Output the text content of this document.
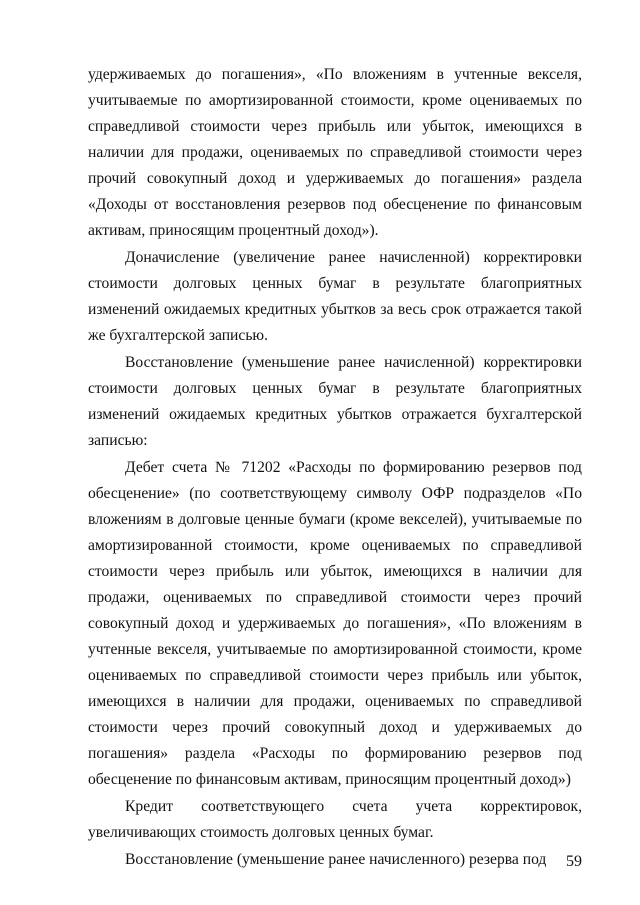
удерживаемых до погашения», «По вложениям в учтенные векселя, учитываемые по амортизированной стоимости, кроме оцениваемых по справедливой стоимости через прибыль или убыток, имеющихся в наличии для продажи, оцениваемых по справедливой стоимости через прочий совокупный доход и удерживаемых до погашения» раздела «Доходы от восстановления резервов под обесценение по финансовым активам, приносящим процентный доход»).

Доначисление (увеличение ранее начисленной) корректировки стоимости долговых ценных бумаг в результате благоприятных изменений ожидаемых кредитных убытков за весь срок отражается такой же бухгалтерской записью.

Восстановление (уменьшение ранее начисленной) корректировки стоимости долговых ценных бумаг в результате благоприятных изменений ожидаемых кредитных убытков отражается бухгалтерской записью:

Дебет счета № 71202 «Расходы по формированию резервов под обесценение» (по соответствующему символу ОФР подразделов «По вложениям в долговые ценные бумаги (кроме векселей), учитываемые по амортизированной стоимости, кроме оцениваемых по справедливой стоимости через прибыль или убыток, имеющихся в наличии для продажи, оцениваемых по справедливой стоимости через прочий совокупный доход и удерживаемых до погашения», «По вложениям в учтенные векселя, учитываемые по амортизированной стоимости, кроме оцениваемых по справедливой стоимости через прибыль или убыток, имеющихся в наличии для продажи, оцениваемых по справедливой стоимости через прочий совокупный доход и удерживаемых до погашения» раздела «Расходы по формированию резервов под обесценение по финансовым активам, приносящим процентный доход»)

Кредит соответствующего счета учета корректировок, увеличивающих стоимость долговых ценных бумаг.

Восстановление (уменьшение ранее начисленного) резерва под	59
